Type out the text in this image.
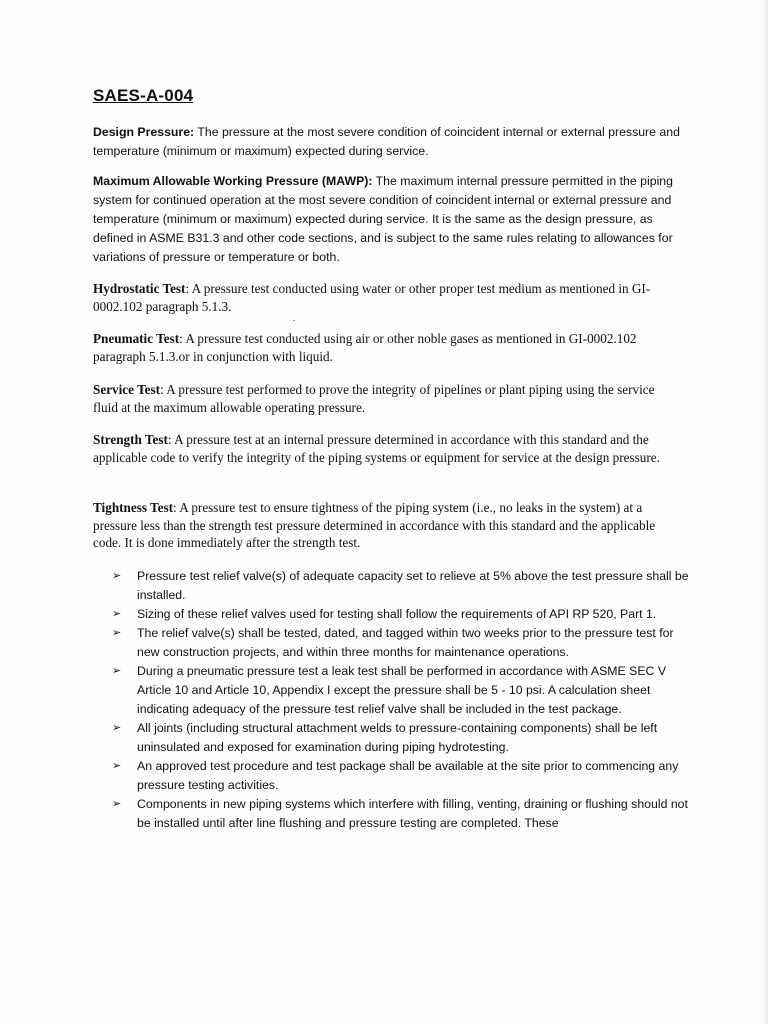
SAES-A-004
Design Pressure: The pressure at the most severe condition of coincident internal or external pressure and temperature (minimum or maximum) expected during service.
Maximum Allowable Working Pressure (MAWP): The maximum internal pressure permitted in the piping system for continued operation at the most severe condition of coincident internal or external pressure and temperature (minimum or maximum) expected during service. It is the same as the design pressure, as defined in ASME B31.3 and other code sections, and is subject to the same rules relating to allowances for variations of pressure or temperature or both.
Hydrostatic Test: A pressure test conducted using water or other proper test medium as mentioned in GI-0002.102 paragraph 5.1.3.
Pneumatic Test: A pressure test conducted using air or other noble gases as mentioned in GI-0002.102 paragraph 5.1.3.or in conjunction with liquid.
Service Test: A pressure test performed to prove the integrity of pipelines or plant piping using the service fluid at the maximum allowable operating pressure.
Strength Test: A pressure test at an internal pressure determined in accordance with this standard and the applicable code to verify the integrity of the piping systems or equipment for service at the design pressure.
Tightness Test: A pressure test to ensure tightness of the piping system (i.e., no leaks in the system) at a pressure less than the strength test pressure determined in accordance with this standard and the applicable code. It is done immediately after the strength test.
➢	Pressure test relief valve(s) of adequate capacity set to relieve at 5% above the test pressure shall be installed.
➢	Sizing of these relief valves used for testing shall follow the requirements of API RP 520, Part 1.
➢	The relief valve(s) shall be tested, dated, and tagged within two weeks prior to the pressure test for new construction projects, and within three months for maintenance operations.
➢	During a pneumatic pressure test a leak test shall be performed in accordance with ASME SEC V Article 10 and Article 10, Appendix I except the pressure shall be 5 - 10 psi. A calculation sheet indicating adequacy of the pressure test relief valve shall be included in the test package.
➢	All joints (including structural attachment welds to pressure-containing components) shall be left uninsulated and exposed for examination during piping hydrotesting.
➢	An approved test procedure and test package shall be available at the site prior to commencing any pressure testing activities.
➢	Components in new piping systems which interfere with filling, venting, draining or flushing should not be installed until after line flushing and pressure testing are completed. These
